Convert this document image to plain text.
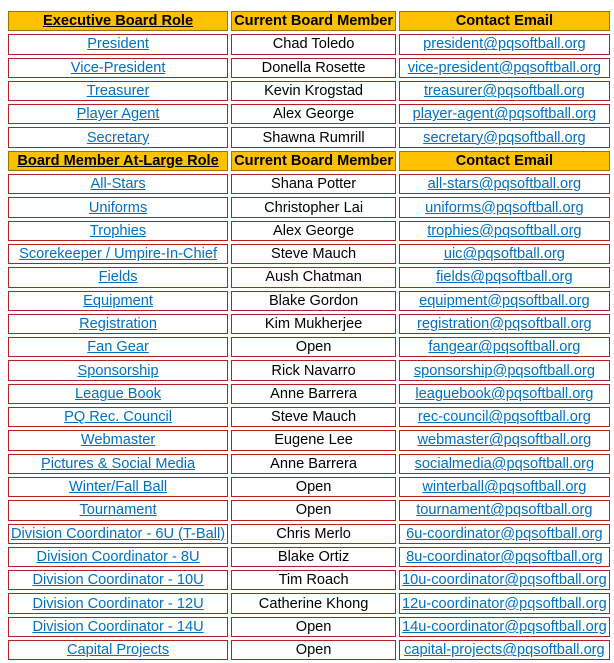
Executive Board Role	Current Board Member	Contact Email
President	Chad Toledo	president@pqsoftball.org
Vice-President	Donella Rosette	vice-president@pqsoftball.org
Treasurer	Kevin Krogstad	treasurer@pqsoftball.org
Player Agent	Alex George	player-agent@pqsoftball.org
Secretary	Shawna Rumrill	secretary@pqsoftball.org
Board Member At-Large Role	Current Board Member	Contact Email
All-Stars	Shana Potter	all-stars@pqsoftball.org
Uniforms	Christopher Lai	uniforms@pqsoftball.org
Trophies	Alex George	trophies@pqsoftball.org
Scorekeeper / Umpire-In-Chief	Steve Mauch	uic@pqsoftball.org
Fields	Aush Chatman	fields@pqsoftball.org
Equipment	Blake Gordon	equipment@pqsoftball.org
Registration	Kim Mukherjee	registration@pqsoftball.org
Fan Gear	Open	fangear@pqsoftball.org
Sponsorship	Rick Navarro	sponsorship@pqsoftball.org
League Book	Anne Barrera	leaguebook@pqsoftball.org
PQ Rec. Council	Steve Mauch	rec-council@pqsoftball.org
Webmaster	Eugene Lee	webmaster@pqsoftball.org
Pictures & Social Media	Anne Barrera	socialmedia@pqsoftball.org
Winter/Fall Ball	Open	winterball@pqsoftball.org
Tournament	Open	tournament@pqsoftball.org
Division Coordinator - 6U (T-Ball)	Chris Merlo	6u-coordinator@pqsoftball.org
Division Coordinator - 8U	Blake Ortiz	8u-coordinator@pqsoftball.org
Division Coordinator - 10U	Tim Roach	10u-coordinator@pqsoftball.org
Division Coordinator - 12U	Catherine Khong	12u-coordinator@pqsoftball.org
Division Coordinator - 14U	Open	14u-coordinator@pqsoftball.org
Capital Projects	Open	capital-projects@pqsoftball.org
